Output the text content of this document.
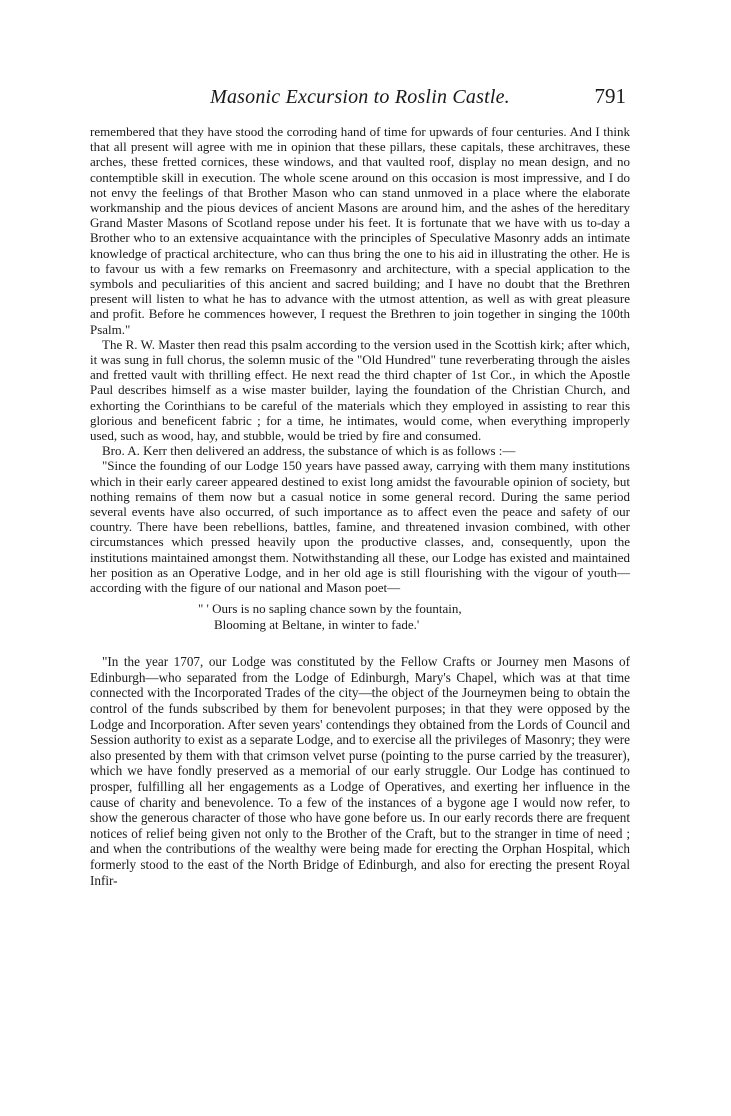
Masonic Excursion to Roslin Castle.	791

remembered that they have stood the corroding hand of time for upwards of four centuries. And I think that all present will agree with me in opinion that these pillars, these capitals, these architraves, these arches, these fretted cornices, these windows, and that vaulted roof, display no mean design, and no contemptible skill in execution. The whole scene around on this occasion is most impressive, and I do not envy the feelings of that Brother Mason who can stand unmoved in a place where the elaborate workmanship and the pious devices of ancient Masons are around him, and the ashes of the hereditary Grand Master Masons of Scotland repose under his feet. It is fortunate that we have with us to-day a Brother who to an extensive acquaintance with the principles of Speculative Masonry adds an intimate knowledge of practical architecture, who can thus bring the one to his aid in illustrating the other. He is to favour us with a few remarks on Freemasonry and architecture, with a special application to the symbols and peculiarities of this ancient and sacred building; and I have no doubt that the Brethren present will listen to what he has to advance with the utmost attention, as well as with great pleasure and profit. Before he commences however, I request the Brethren to join together in singing the 100th Psalm."

The R. W. Master then read this psalm according to the version used in the Scottish kirk; after which, it was sung in full chorus, the solemn music of the "Old Hundred" tune reverberating through the aisles and fretted vault with thrilling effect. He next read the third chapter of 1st Cor., in which the Apostle Paul describes himself as a wise master builder, laying the foundation of the Christian Church, and exhorting the Corinthians to be careful of the materials which they employed in assisting to rear this glorious and beneficent fabric ; for a time, he intimates, would come, when everything improperly used, such as wood, hay, and stubble, would be tried by fire and consumed.

Bro. A. Kerr then delivered an address, the substance of which is as follows :—

"Since the founding of our Lodge 150 years have passed away, carrying with them many institutions which in their early career appeared destined to exist long amidst the favourable opinion of society, but nothing remains of them now but a casual notice in some general record. During the same period several events have also occurred, of such importance as to affect even the peace and safety of our country. There have been rebellions, battles, famine, and threatened invasion combined, with other circumstances which pressed heavily upon the productive classes, and, consequently, upon the institutions maintained amongst them. Notwithstanding all these, our Lodge has existed and maintained her position as an Operative Lodge, and in her old age is still flourishing with the vigour of youth—according with the figure of our national and Mason poet—

" ' Ours is no sapling chance sown by the fountain,
Blooming at Beltane, in winter to fade.'

"In the year 1707, our Lodge was constituted by the Fellow Crafts or Journey men Masons of Edinburgh—who separated from the Lodge of Edinburgh, Mary's Chapel, which was at that time connected with the Incorporated Trades of the city—the object of the Journeymen being to obtain the control of the funds subscribed by them for benevolent purposes; in that they were opposed by the Lodge and Incorporation. After seven years' contendings they obtained from the Lords of Council and Session authority to exist as a separate Lodge, and to exercise all the privileges of Masonry; they were also presented by them with that crimson velvet purse (pointing to the purse carried by the treasurer), which we have fondly preserved as a memorial of our early struggle. Our Lodge has continued to prosper, fulfilling all her engagements as a Lodge of Operatives, and exerting her influence in the cause of charity and benevolence. To a few of the instances of a bygone age I would now refer, to show the generous character of those who have gone before us. In our early records there are frequent notices of relief being given not only to the Brother of the Craft, but to the stranger in time of need ; and when the contributions of the wealthy were being made for erecting the Orphan Hospital, which formerly stood to the east of the North Bridge of Edinburgh, and also for erecting the present Royal Infir-
